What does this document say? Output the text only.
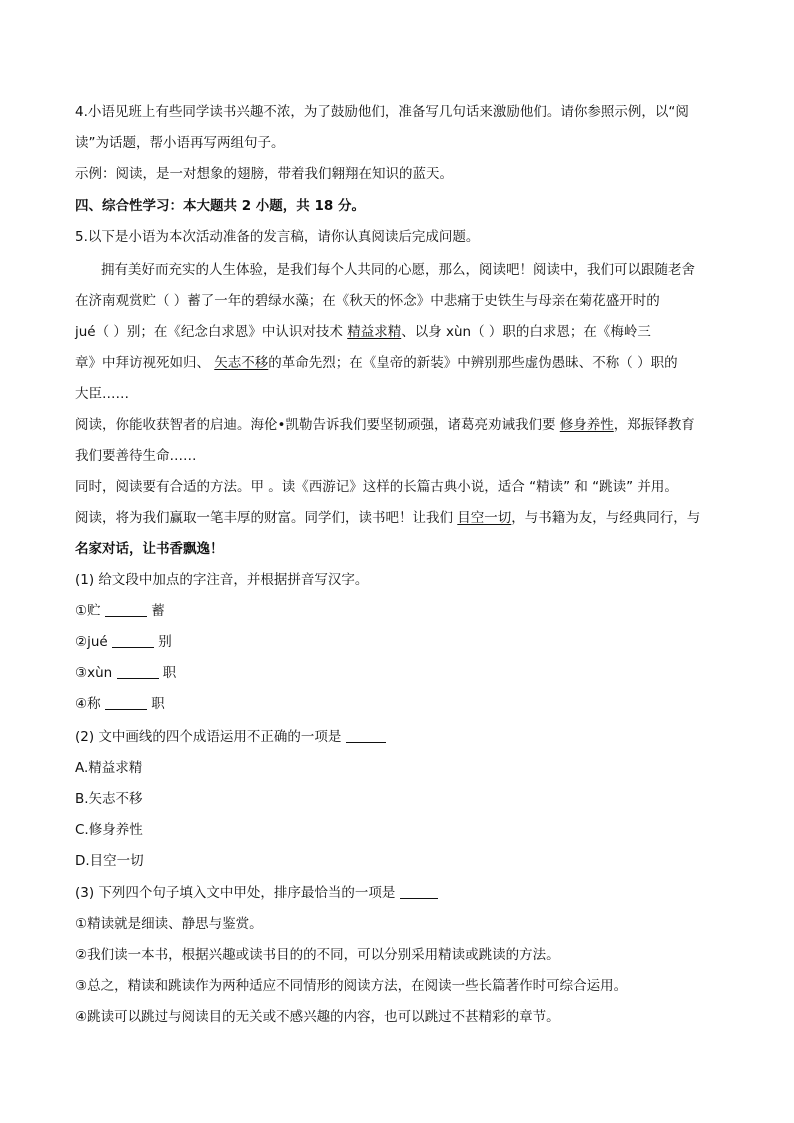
4.小语见班上有些同学读书兴趣不浓，为了鼓励他们，准备写几句话来激励他们。请你参照示例，以“阅
读”为话题，帮小语再写两组句子。
示例：阅读，是一对想象的翅膀，带着我们翱翔在知识的蓝天。
四、综合性学习：本大题共 2 小题，共 18 分。
5.以下是小语为本次活动准备的发言稿，请你认真阅读后完成问题。
拥有美好而充实的人生体验，是我们每个人共同的心愿，那么，阅读吧！阅读中，我们可以跟随老舍
在济南观赏贮（ ）蓄了一年的碧绿水藻；在《秋天的怀念》中悲痛于史铁生与母亲在菊花盛开时的
jué（ ）别；在《纪念白求恩》中认识对技术 精益求精、以身 xùn（ ）职的白求恩；在《梅岭三
章》中拜访视死如归、 矢志不移的革命先烈；在《皇帝的新装》中辨别那些虚伪愚昧、不称（ ）职的
大臣……
阅读，你能收获智者的启迪。海伦•凯勒告诉我们要坚韧顽强，诸葛亮劝诫我们要 修身养性，郑振铎教育
我们要善待生命……
同时，阅读要有合适的方法。甲 。读《西游记》这样的长篇古典小说，适合 “精读” 和 “跳读” 并用。
阅读，将为我们赢取一笔丰厚的财富。同学们，读书吧！让我们 目空一切，与书籍为友，与经典同行，与
名家对话，让书香飘逸！
(1) 给文段中加点的字注音，并根据拼音写汉字。
①贮	蓄
②jué	别
③xùn	职
④称	职
(2) 文中画线的四个成语运用不正确的一项是
A.精益求精
B.矢志不移
C.修身养性
D.目空一切
(3) 下列四个句子填入文中甲处，排序最恰当的一项是
①精读就是细读、静思与鉴赏。
②我们读一本书，根据兴趣或读书目的的不同，可以分别采用精读或跳读的方法。
③总之，精读和跳读作为两种适应不同情形的阅读方法，在阅读一些长篇著作时可综合运用。
④跳读可以跳过与阅读目的无关或不感兴趣的内容，也可以跳过不甚精彩的章节。
